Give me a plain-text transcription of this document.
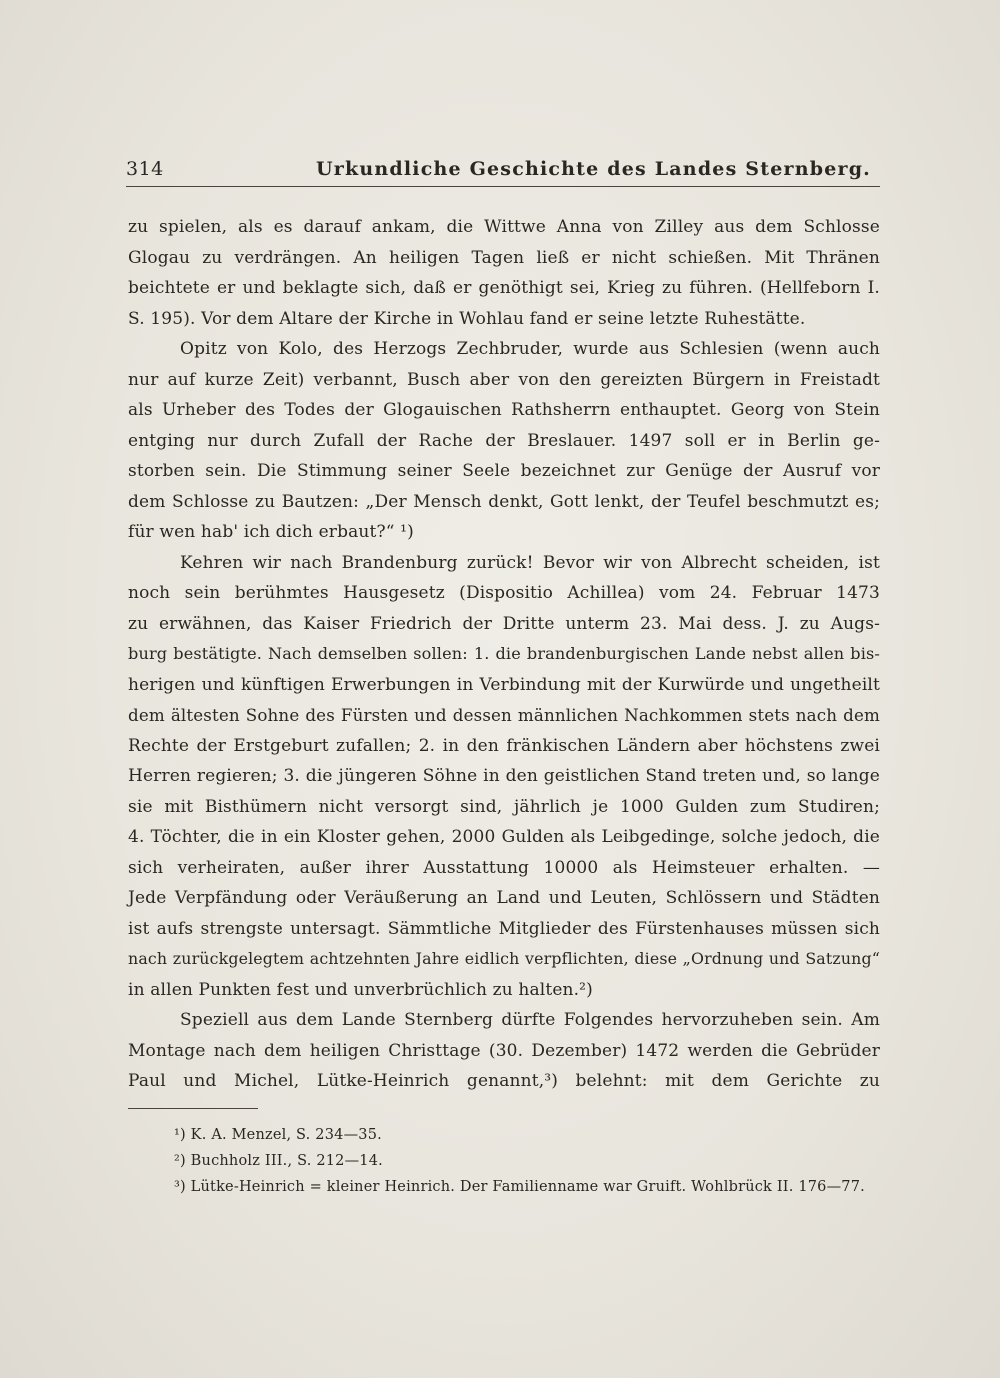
314	Urkundliche Geschichte des Landes Sternberg.
zu spielen, als es darauf ankam, die Wittwe Anna von Zilley aus dem Schlosse
Glogau zu verdrängen. An heiligen Tagen ließ er nicht schießen. Mit Thränen
beichtete er und beklagte sich, daß er genöthigt sei, Krieg zu führen. (Hellfeborn I.
S. 195). Vor dem Altare der Kirche in Wohlau fand er seine letzte Ruhestätte.
Opitz von Kolo, des Herzogs Zechbruder, wurde aus Schlesien (wenn auch
nur auf kurze Zeit) verbannt, Busch aber von den gereizten Bürgern in Freistadt
als Urheber des Todes der Glogauischen Rathsherrn enthauptet. Georg von Stein
entging nur durch Zufall der Rache der Breslauer. 1497 soll er in Berlin ge-
storben sein. Die Stimmung seiner Seele bezeichnet zur Genüge der Ausruf vor
dem Schlosse zu Bautzen: „Der Mensch denkt, Gott lenkt, der Teufel beschmutzt es;
für wen hab' ich dich erbaut?“ ¹)
Kehren wir nach Brandenburg zurück! Bevor wir von Albrecht scheiden, ist
noch sein berühmtes Hausgesetz (Dispositio Achillea) vom 24. Februar 1473
zu erwähnen, das Kaiser Friedrich der Dritte unterm 23. Mai dess. J. zu Augs-
burg bestätigte. Nach demselben sollen: 1. die brandenburgischen Lande nebst allen bis-
herigen und künftigen Erwerbungen in Verbindung mit der Kurwürde und ungetheilt
dem ältesten Sohne des Fürsten und dessen männlichen Nachkommen stets nach dem
Rechte der Erstgeburt zufallen; 2. in den fränkischen Ländern aber höchstens zwei
Herren regieren; 3. die jüngeren Söhne in den geistlichen Stand treten und, so lange
sie mit Bisthümern nicht versorgt sind, jährlich je 1000 Gulden zum Studiren;
4. Töchter, die in ein Kloster gehen, 2000 Gulden als Leibgedinge, solche jedoch, die
sich verheiraten, außer ihrer Ausstattung 10000 als Heimsteuer erhalten. —
Jede Verpfändung oder Veräußerung an Land und Leuten, Schlössern und Städten
ist aufs strengste untersagt. Sämmtliche Mitglieder des Fürstenhauses müssen sich
nach zurückgelegtem achtzehnten Jahre eidlich verpflichten, diese „Ordnung und Satzung“
in allen Punkten fest und unverbrüchlich zu halten.²)
Speziell aus dem Lande Sternberg dürfte Folgendes hervorzuheben sein. Am
Montage nach dem heiligen Christtage (30. Dezember) 1472 werden die Gebrüder
Paul und Michel, Lütke-Heinrich genannt,³) belehnt: mit dem Gerichte zu
¹) K. A. Menzel, S. 234—35.
²) Buchholz III., S. 212—14.
³) Lütke-Heinrich = kleiner Heinrich. Der Familienname war Gruift. Wohlbrück II. 176—77.
